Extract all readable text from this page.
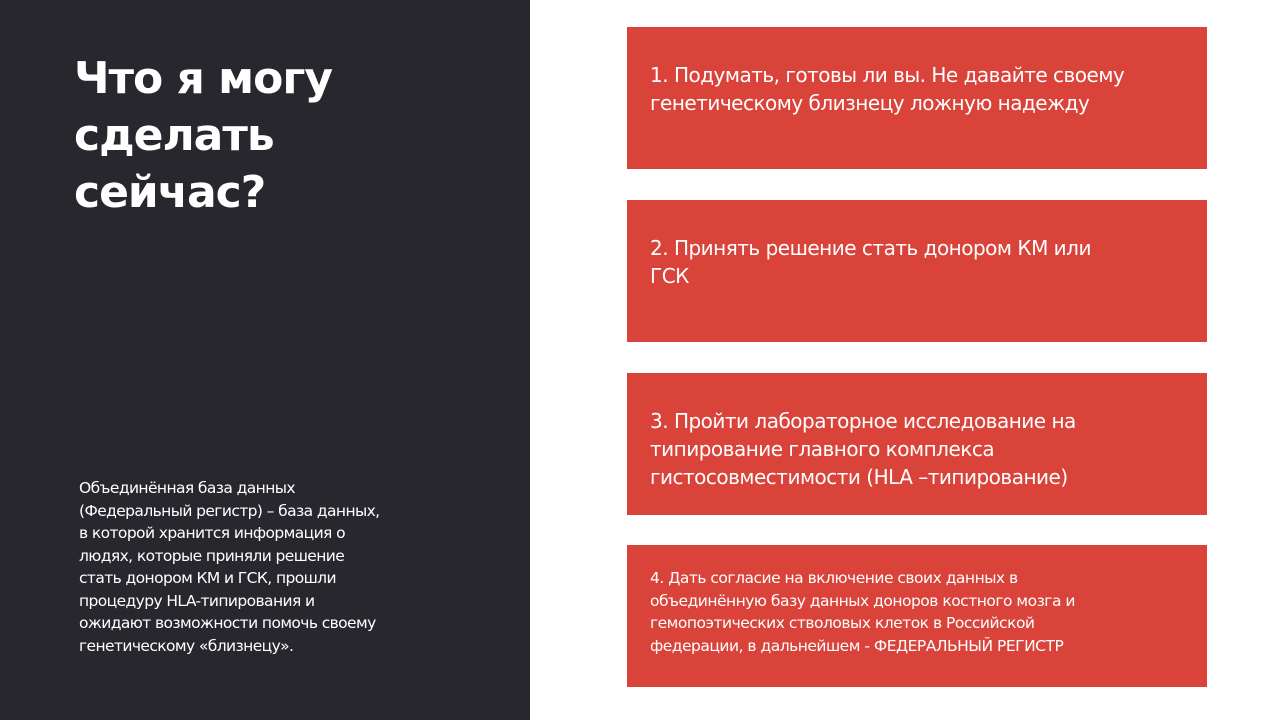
Что я могу
сделать
сейчас?

Объединённая база данных
(Федеральный регистр) – база данных,
в которой хранится информация о
людях, которые приняли решение
стать донором КМ и ГСК, прошли
процедуру HLA-типирования и
ожидают возможности помочь своему
генетическому «близнецу».

1. Подумать, готовы ли вы. Не давайте своему
генетическому близнецу ложную надежду

2. Принять решение стать донором КМ или
ГСК

3. Пройти лабораторное исследование на
типирование главного комплекса
гистосовместимости (HLA –типирование)

4. Дать согласие на включение своих данных в
объединённую базу данных доноров костного мозга и
гемопоэтических стволовых клеток в Российской
федерации, в дальнейшем - ФЕДЕРАЛЬНЫЙ РЕГИСТР
